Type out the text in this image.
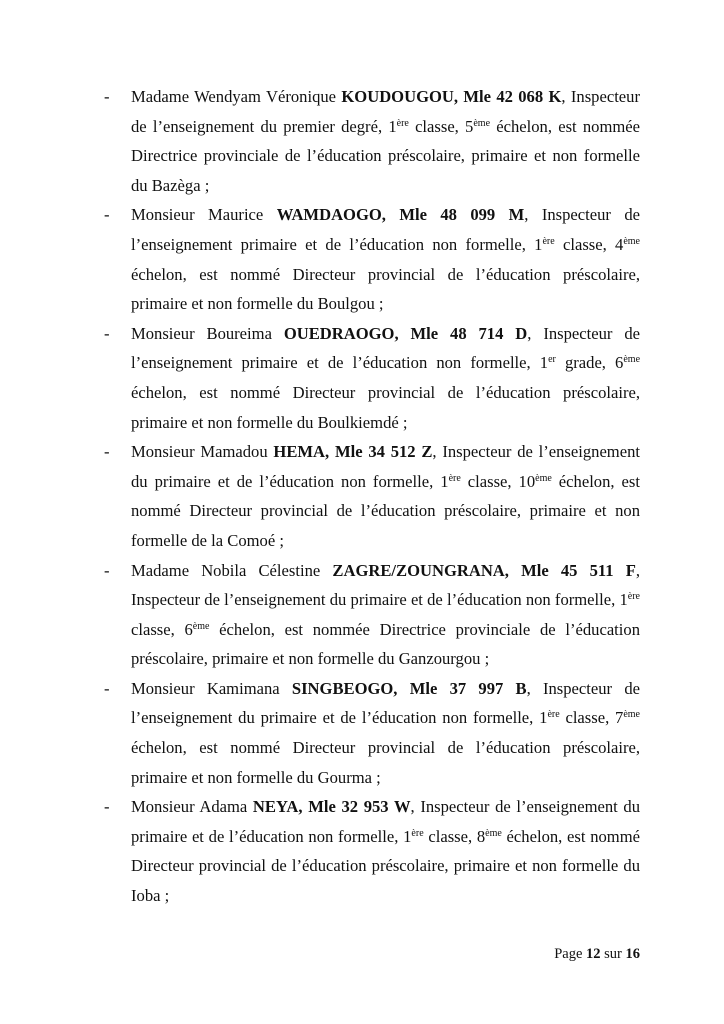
- Madame Wendyam Véronique KOUDOUGOU, Mle 42 068 K, Inspecteur de l’enseignement du premier degré, 1ère classe, 5ème échelon, est nommée Directrice provinciale de l’éducation préscolaire, primaire et non formelle du Bazèga ;
- Monsieur Maurice WAMDAOGO, Mle 48 099 M, Inspecteur de l’enseignement primaire et de l’éducation non formelle, 1ère classe, 4ème échelon, est nommé Directeur provincial de l’éducation préscolaire, primaire et non formelle du Boulgou ;
- Monsieur Boureima OUEDRAOGO, Mle 48 714 D, Inspecteur de l’enseignement primaire et de l’éducation non formelle, 1er grade, 6ème échelon, est nommé Directeur provincial de l’éducation préscolaire, primaire et non formelle du Boulkiemdé ;
- Monsieur Mamadou HEMA, Mle 34 512 Z, Inspecteur de l’enseignement du primaire et de l’éducation non formelle, 1ère classe, 10ème échelon, est nommé Directeur provincial de l’éducation préscolaire, primaire et non formelle de la Comoé ;
- Madame Nobila Célestine ZAGRE/ZOUNGRANA, Mle 45 511 F, Inspecteur de l’enseignement du primaire et de l’éducation non formelle, 1ère classe, 6ème échelon, est nommée Directrice provinciale de l’éducation préscolaire, primaire et non formelle du Ganzourgou ;
- Monsieur Kamimana SINGBEOGO, Mle 37 997 B, Inspecteur de l’enseignement du primaire et de l’éducation non formelle, 1ère classe, 7ème échelon, est nommé Directeur provincial de l’éducation préscolaire, primaire et non formelle du Gourma ;
- Monsieur Adama NEYA, Mle 32 953 W, Inspecteur de l’enseignement du primaire et de l’éducation non formelle, 1ère classe, 8ème échelon, est nommé Directeur provincial de l’éducation préscolaire, primaire et non formelle du Ioba ;
Page 12 sur 16
